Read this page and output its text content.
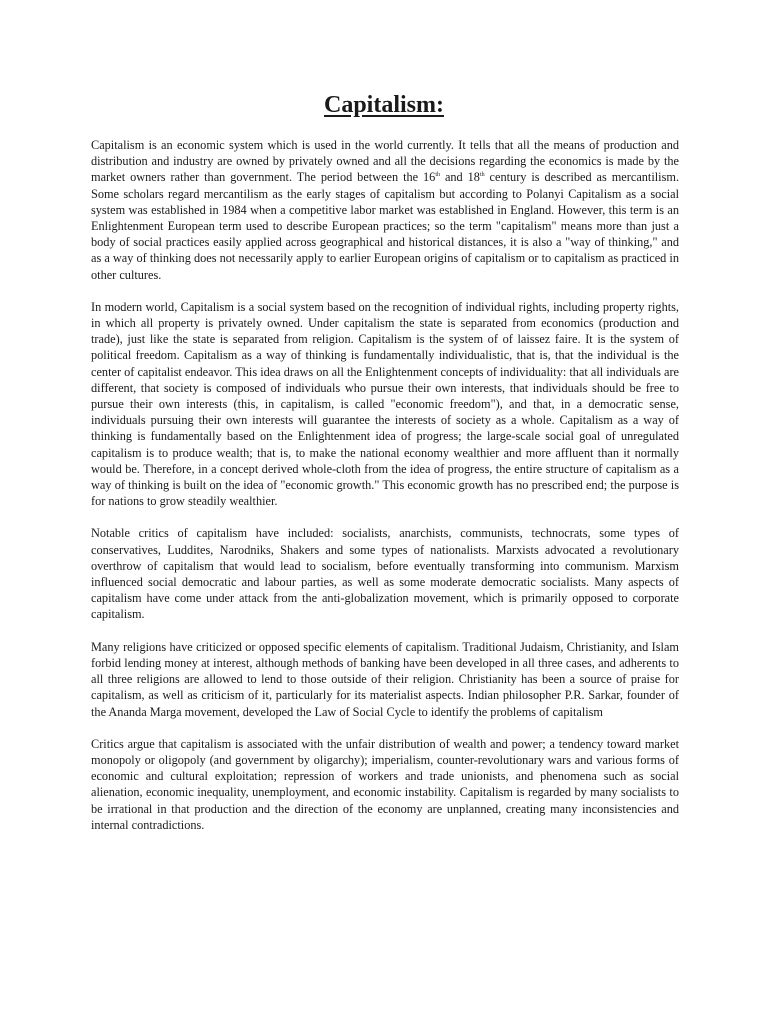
Capitalism:

Capitalism is an economic system which is used in the world currently. It tells that all the means of production and distribution and industry are owned by privately owned and all the decisions regarding the economics is made by the market owners rather than government. The period between the 16th and 18th century is described as mercantilism. Some scholars regard mercantilism as the early stages of capitalism but according to Polanyi Capitalism as a social system was established in 1984 when a competitive labor market was established in England. However, this term is an Enlightenment European term used to describe European practices; so the term "capitalism" means more than just a body of social practices easily applied across geographical and historical distances, it is also a "way of thinking," and as a way of thinking does not necessarily apply to earlier European origins of capitalism or to capitalism as practiced in other cultures.

In modern world, Capitalism is a social system based on the recognition of individual rights, including property rights, in which all property is privately owned. Under capitalism the state is separated from economics (production and trade), just like the state is separated from religion. Capitalism is the system of of laissez faire. It is the system of political freedom. Capitalism as a way of thinking is fundamentally individualistic, that is, that the individual is the center of capitalist endeavor. This idea draws on all the Enlightenment concepts of individuality: that all individuals are different, that society is composed of individuals who pursue their own interests, that individuals should be free to pursue their own interests (this, in capitalism, is called "economic freedom"), and that, in a democratic sense, individuals pursuing their own interests will guarantee the interests of society as a whole. Capitalism as a way of thinking is fundamentally based on the Enlightenment idea of progress; the large-scale social goal of unregulated capitalism is to produce wealth; that is, to make the national economy wealthier and more affluent than it normally would be. Therefore, in a concept derived whole-cloth from the idea of progress, the entire structure of capitalism as a way of thinking is built on the idea of "economic growth." This economic growth has no prescribed end; the purpose is for nations to grow steadily wealthier.

Notable critics of capitalism have included: socialists, anarchists, communists, technocrats, some types of conservatives, Luddites, Narodniks, Shakers and some types of nationalists. Marxists advocated a revolutionary overthrow of capitalism that would lead to socialism, before eventually transforming into communism. Marxism influenced social democratic and labour parties, as well as some moderate democratic socialists. Many aspects of capitalism have come under attack from the anti-globalization movement, which is primarily opposed to corporate capitalism.

Many religions have criticized or opposed specific elements of capitalism. Traditional Judaism, Christianity, and Islam forbid lending money at interest, although methods of banking have been developed in all three cases, and adherents to all three religions are allowed to lend to those outside of their religion. Christianity has been a source of praise for capitalism, as well as criticism of it, particularly for its materialist aspects. Indian philosopher P.R. Sarkar, founder of the Ananda Marga movement, developed the Law of Social Cycle to identify the problems of capitalism

Critics argue that capitalism is associated with the unfair distribution of wealth and power; a tendency toward market monopoly or oligopoly (and government by oligarchy); imperialism, counter-revolutionary wars and various forms of economic and cultural exploitation; repression of workers and trade unionists, and phenomena such as social alienation, economic inequality, unemployment, and economic instability. Capitalism is regarded by many socialists to be irrational in that production and the direction of the economy are unplanned, creating many inconsistencies and internal contradictions.
